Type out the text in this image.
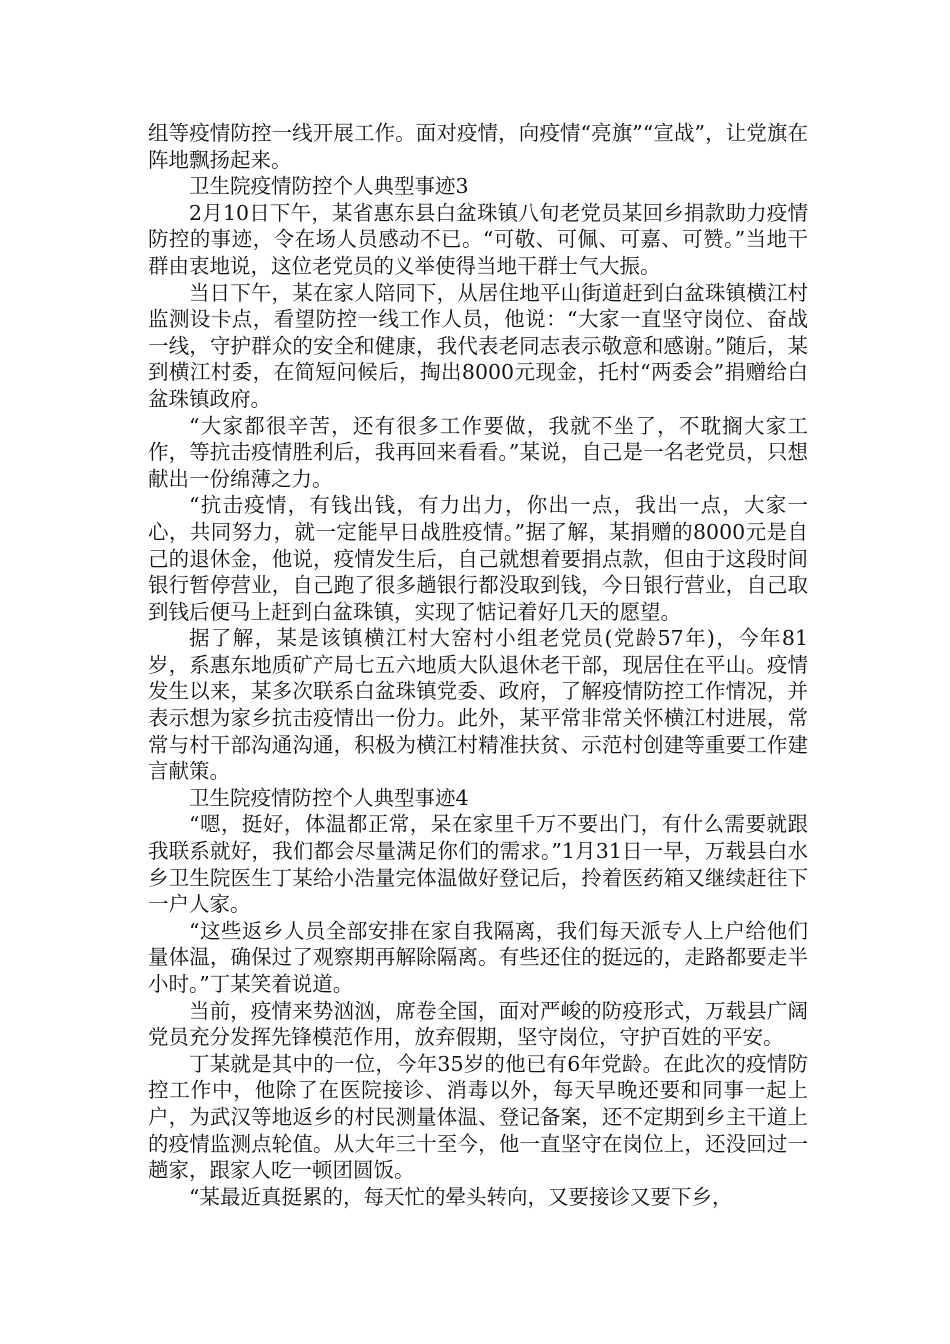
组等疫情防控一线开展工作。面对疫情，向疫情“亮旗”“宣战”，让党旗在阵地飘扬起来。

卫生院疫情防控个人典型事迹3

2月10日下午，某省惠东县白盆珠镇八旬老党员某回乡捐款助力疫情防控的事迹，令在场人员感动不已。“可敬、可佩、可嘉、可赞。”当地干群由衷地说，这位老党员的义举使得当地干群士气大振。

当日下午，某在家人陪同下，从居住地平山街道赶到白盆珠镇横江村监测设卡点，看望防控一线工作人员，他说：“大家一直坚守岗位、奋战一线，守护群众的安全和健康，我代表老同志表示敬意和感谢。”随后，某到横江村委，在简短问候后，掏出8000元现金，托村“两委会”捐赠给白盆珠镇政府。

“大家都很辛苦，还有很多工作要做，我就不坐了，不耽搁大家工作，等抗击疫情胜利后，我再回来看看。”某说，自己是一名老党员，只想献出一份绵薄之力。

“抗击疫情，有钱出钱，有力出力，你出一点，我出一点，大家一心，共同努力，就一定能早日战胜疫情。”据了解，某捐赠的8000元是自己的退休金，他说，疫情发生后，自己就想着要捐点款，但由于这段时间银行暂停营业，自己跑了很多趟银行都没取到钱，今日银行营业，自己取到钱后便马上赶到白盆珠镇，实现了惦记着好几天的愿望。

据了解，某是该镇横江村大窑村小组老党员(党龄57年)，今年81岁，系惠东地质矿产局七五六地质大队退休老干部，现居住在平山。疫情发生以来，某多次联系白盆珠镇党委、政府，了解疫情防控工作情况，并表示想为家乡抗击疫情出一份力。此外，某平常非常关怀横江村进展，常常与村干部沟通沟通，积极为横江村精准扶贫、示范村创建等重要工作建言献策。

卫生院疫情防控个人典型事迹4

“嗯，挺好，体温都正常，呆在家里千万不要出门，有什么需要就跟我联系就好，我们都会尽量满足你们的需求。”1月31日一早，万载县白水乡卫生院医生丁某给小浩量完体温做好登记后，拎着医药箱又继续赶往下一户人家。

“这些返乡人员全部安排在家自我隔离，我们每天派专人上户给他们量体温，确保过了观察期再解除隔离。有些还住的挺远的，走路都要走半小时。”丁某笑着说道。

当前，疫情来势汹汹，席卷全国，面对严峻的防疫形式，万载县广阔党员充分发挥先锋模范作用，放弃假期，坚守岗位，守护百姓的平安。

丁某就是其中的一位，今年35岁的他已有6年党龄。在此次的疫情防控工作中，他除了在医院接诊、消毒以外，每天早晚还要和同事一起上户，为武汉等地返乡的村民测量体温、登记备案，还不定期到乡主干道上的疫情监测点轮值。从大年三十至今，他一直坚守在岗位上，还没回过一趟家，跟家人吃一顿团圆饭。

“某最近真挺累的，每天忙的晕头转向，又要接诊又要下乡，
